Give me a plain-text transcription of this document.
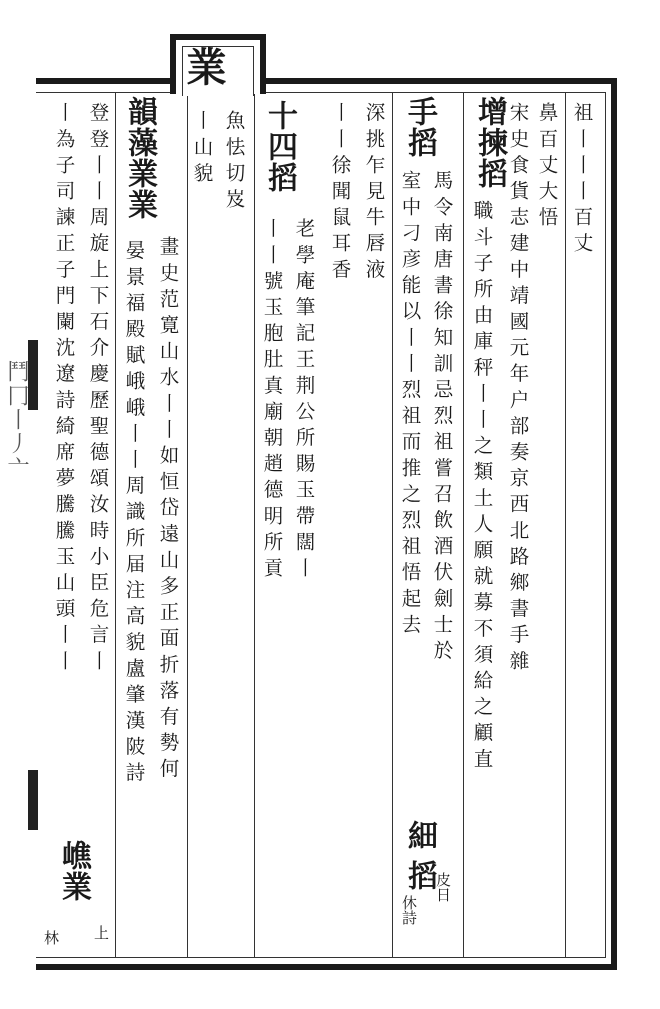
業
鬥冂丨丿亠
祖丨丨丨百丈
鼻百丈大悟
增揀搯 宋史食貨志建中靖國元年户部奏京西北路鄉書手雜
職斗子所由庫秤丨丨之類土人願就募不須給之顧直
手搯
馬令南唐書徐知訓忌烈祖嘗召飲酒伏劍士於
細
室中刁彦能以丨丨烈祖而推之烈祖悟起去
搯
皮日
休詩
深挑乍見牛唇液
丨丨徐聞鼠耳香
十四搯
老學庵筆記王荆公所賜玉帶闊丨
丨丨號玉胞肚真廟朝趙德明所貢
魚怯切岌
丨山貌
韻藻業業
畫史范寛山水丨丨如恒岱遠山多正面折落有勢何
晏景福殿賦峨峨丨丨周識所届注高貌盧肇漢陂詩
登登丨丨周旋上下石介慶歷聖德頌汝時小臣危言丨
丨為子司諫正子門闌沈遼詩綺席夢騰騰玉山頭丨丨
嶕業
上
林
